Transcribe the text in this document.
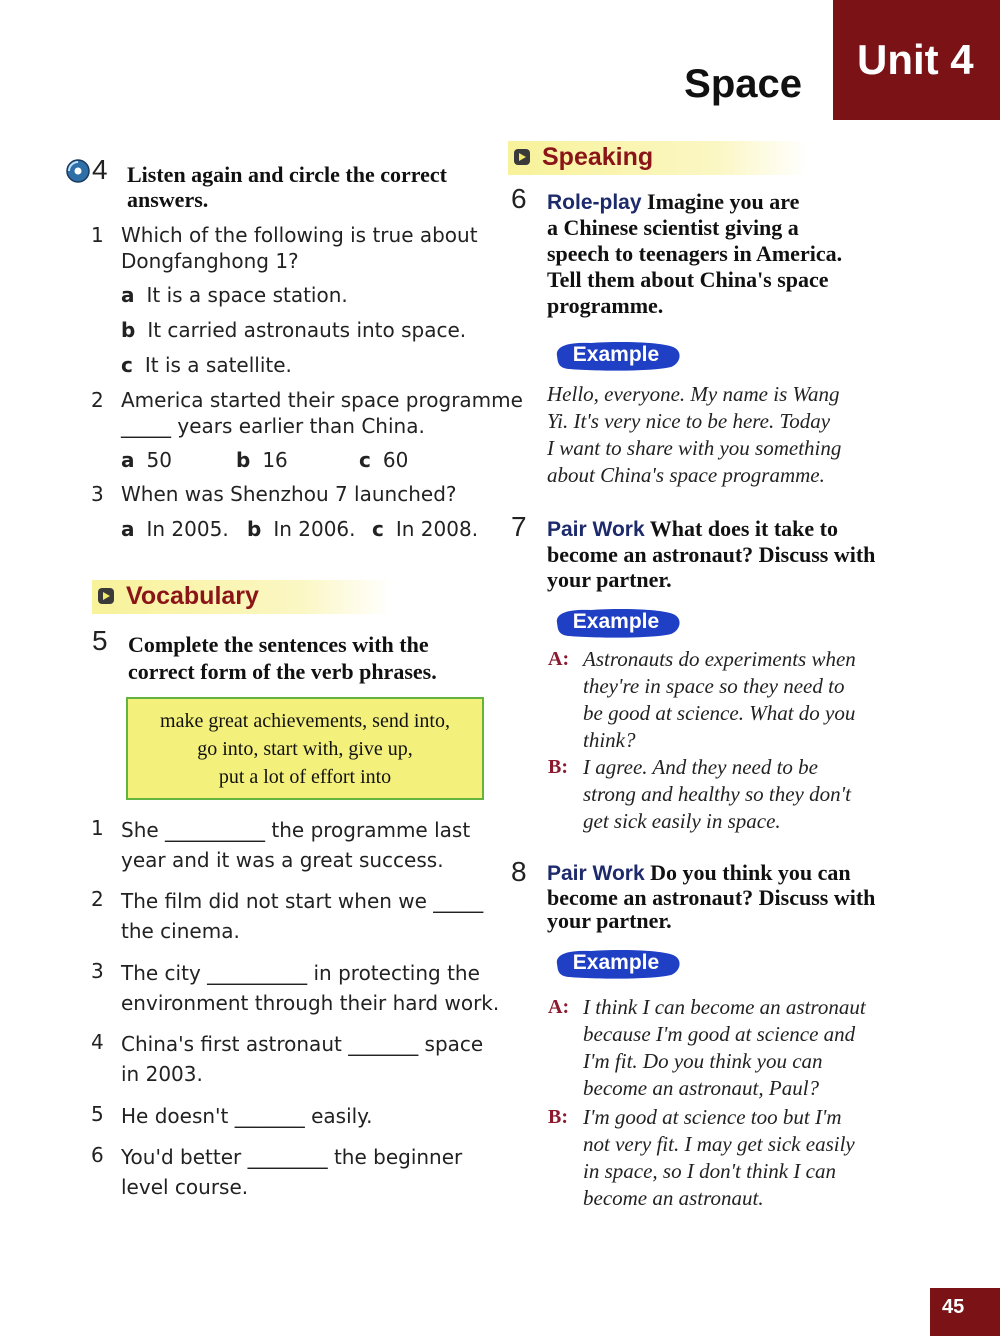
Unit 4
Space
4 Listen again and circle the correct
answers.
1 Which of the following is true about
Dongfanghong 1?
a It is a space station.
b It carried astronauts into space.
c It is a satellite.
2 America started their space programme
_____ years earlier than China.
a 50	b 16	c 60
3 When was Shenzhou 7 launched?
a In 2005. b In 2006. c In 2008.
Vocabulary
5 Complete the sentences with the
correct form of the verb phrases.
make great achievements, send into,
go into, start with, give up,
put a lot of effort into
1 She __________ the programme last
year and it was a great success.
2 The film did not start when we _____
the cinema.
3 The city __________ in protecting the
environment through their hard work.
4 China's first astronaut _______ space
in 2003.
5 He doesn't _______ easily.
6 You'd better ________ the beginner
level course.
Speaking
6 Role-play Imagine you are
a Chinese scientist giving a
speech to teenagers in America.
Tell them about China's space
programme.
Example
Hello, everyone. My name is Wang
Yi. It's very nice to be here. Today
I want to share with you something
about China's space programme.
7 Pair Work What does it take to
become an astronaut? Discuss with
your partner.
Example
A: Astronauts do experiments when
they're in space so they need to
be good at science. What do you
think?
B: I agree. And they need to be
strong and healthy so they don't
get sick easily in space.
8 Pair Work Do you think you can
become an astronaut? Discuss with
your partner.
Example
A: I think I can become an astronaut
because I'm good at science and
I'm fit. Do you think you can
become an astronaut, Paul?
B: I'm good at science too but I'm
not very fit. I may get sick easily
in space, so I don't think I can
become an astronaut.
45
